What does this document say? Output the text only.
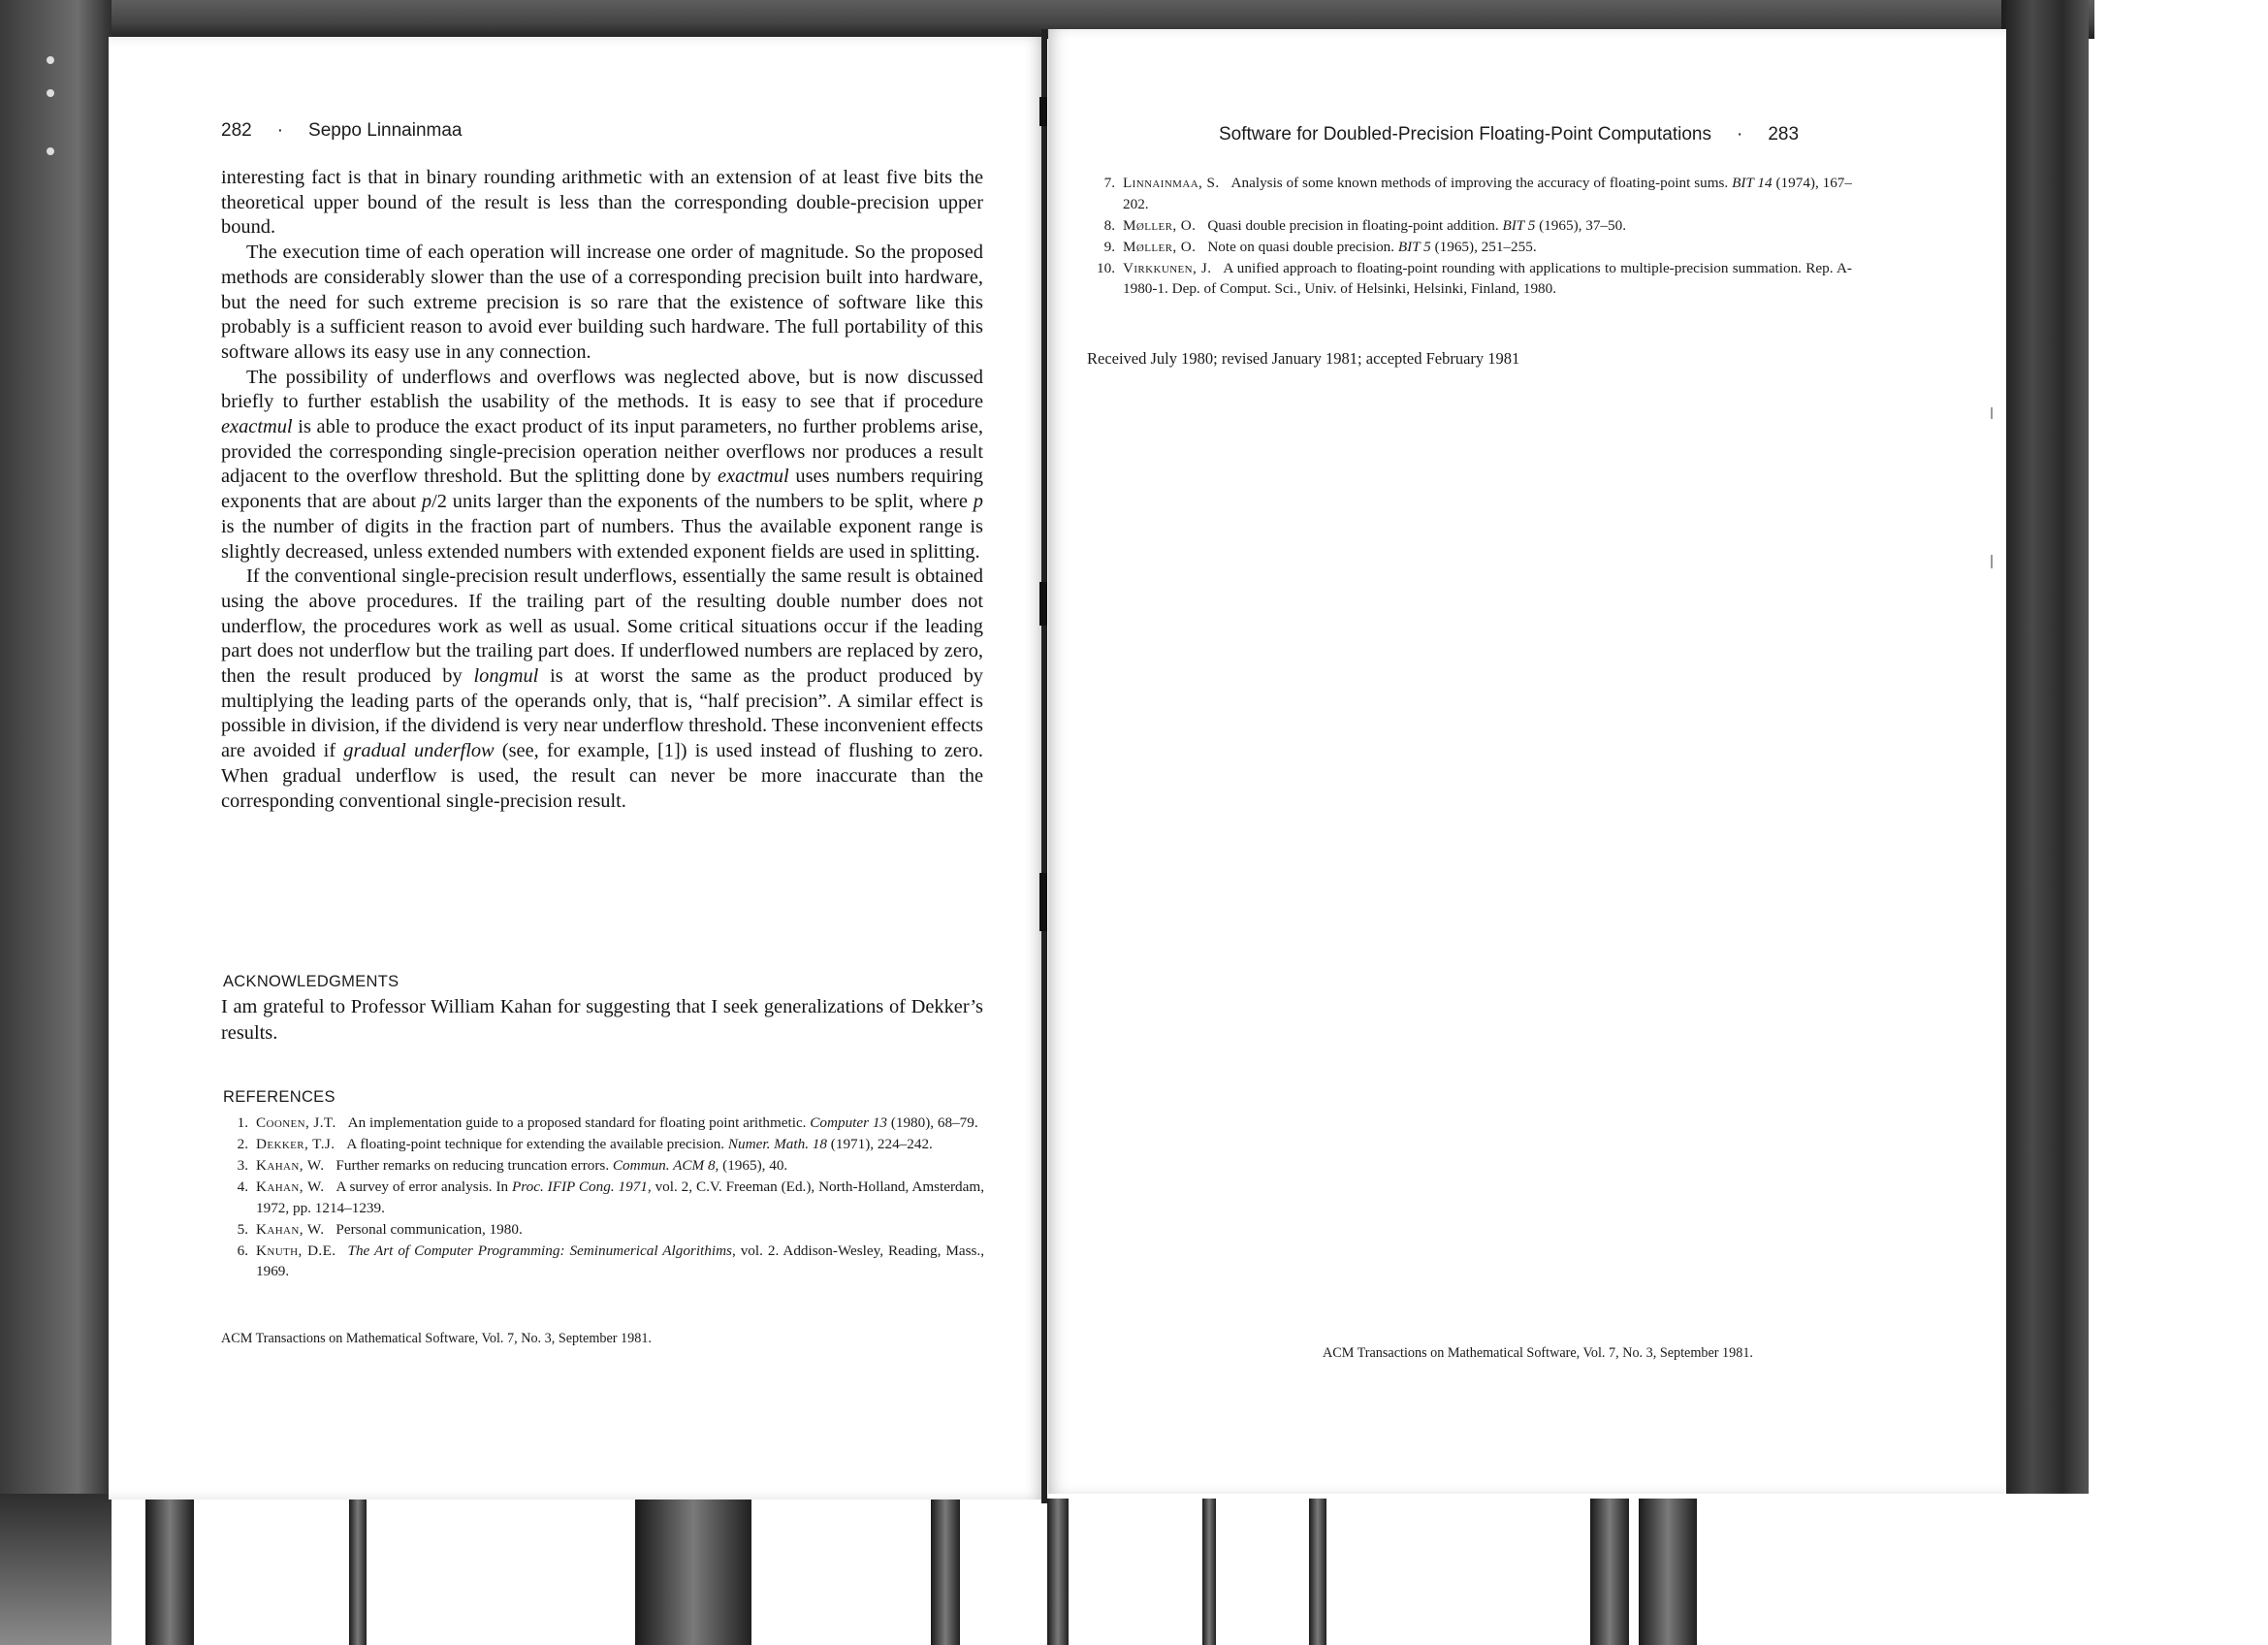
282 · Seppo Linnainmaa

interesting fact is that in binary rounding arithmetic with an extension of at least five bits the theoretical upper bound of the result is less than the corresponding double-precision upper bound.

The execution time of each operation will increase one order of magnitude. So the proposed methods are considerably slower than the use of a corresponding precision built into hardware, but the need for such extreme precision is so rare that the existence of software like this probably is a sufficient reason to avoid ever building such hardware. The full portability of this software allows its easy use in any connection.

The possibility of underflows and overflows was neglected above, but is now discussed briefly to further establish the usability of the methods. It is easy to see that if procedure exactmul is able to produce the exact product of its input parameters, no further problems arise, provided the corresponding single-precision operation neither overflows nor produces a result adjacent to the overflow threshold. But the splitting done by exactmul uses numbers requiring exponents that are about p/2 units larger than the exponents of the numbers to be split, where p is the number of digits in the fraction part of numbers. Thus the available exponent range is slightly decreased, unless extended numbers with extended exponent fields are used in splitting.

If the conventional single-precision result underflows, essentially the same result is obtained using the above procedures. If the trailing part of the resulting double number does not underflow, the procedures work as well as usual. Some critical situations occur if the leading part does not underflow but the trailing part does. If underflowed numbers are replaced by zero, then the result produced by longmul is at worst the same as the product produced by multiplying the leading parts of the operands only, that is, “half precision”. A similar effect is possible in division, if the dividend is very near underflow threshold. These inconvenient effects are avoided if gradual underflow (see, for example, [1]) is used instead of flushing to zero. When gradual underflow is used, the result can never be more inaccurate than the corresponding conventional single-precision result.

ACKNOWLEDGMENTS
I am grateful to Professor William Kahan for suggesting that I seek generalizations of Dekker’s results.
REFERENCES
1. Coonen, J.T. An implementation guide to a proposed standard for floating point arithmetic. Computer 13 (1980), 68–79.
2. Dekker, T.J. A floating-point technique for extending the available precision. Numer. Math. 18 (1971), 224–242.
3. Kahan, W. Further remarks on reducing truncation errors. Commun. ACM 8, (1965), 40.
4. Kahan, W. A survey of error analysis. In Proc. IFIP Cong. 1971, vol. 2, C.V. Freeman (Ed.), North-Holland, Amsterdam, 1972, pp. 1214–1239.
5. Kahan, W. Personal communication, 1980.
6. Knuth, D.E. The Art of Computer Programming: Seminumerical Algorithims, vol. 2. Addison-Wesley, Reading, Mass., 1969.
ACM Transactions on Mathematical Software, Vol. 7, No. 3, September 1981.
Software for Doubled-Precision Floating-Point Computations · 283
7. Linnainmaa, S. Analysis of some known methods of improving the accuracy of floating-point sums. BIT 14 (1974), 167–202.
8. Møller, O. Quasi double precision in floating-point addition. BIT 5 (1965), 37–50.
9. Møller, O. Note on quasi double precision. BIT 5 (1965), 251–255.
10. Virkkunen, J. A unified approach to floating-point rounding with applications to multiple-precision summation. Rep. A-1980-1. Dep. of Comput. Sci., Univ. of Helsinki, Helsinki, Finland, 1980.
Received July 1980; revised January 1981; accepted February 1981
ACM Transactions on Mathematical Software, Vol. 7, No. 3, September 1981.
